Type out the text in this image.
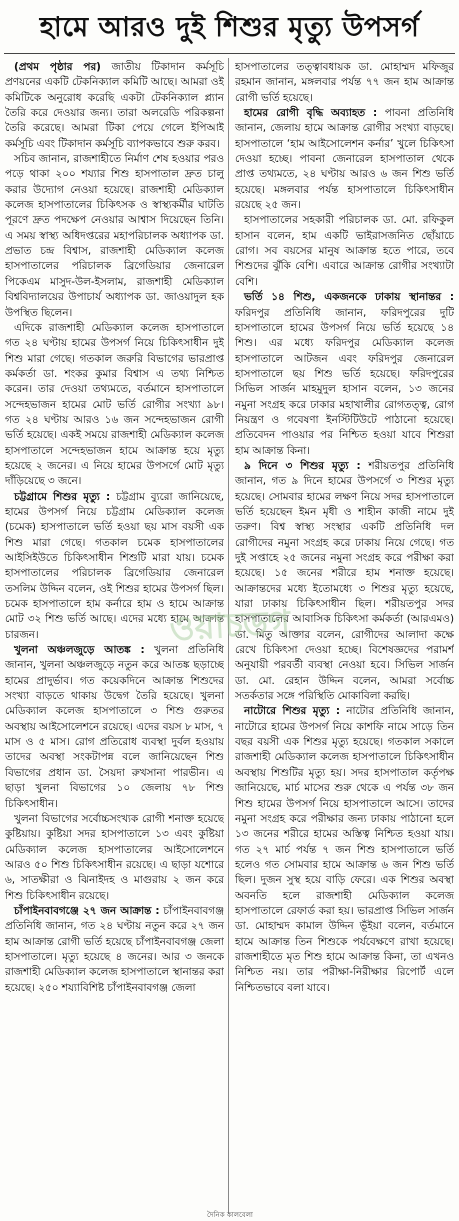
হামে আরও দুই শিশুর মৃত্যু উপসর্গ

(প্রথম পৃষ্ঠার পর) জাতীয় টিকাদান কর্মসূচি প্রণয়নের একটি টেকনিক্যাল কমিটি আছে। আমরা ওই কমিটিকে অনুরোধ করেছি একটা টেকনিক্যাল প্ল্যান তৈরি করে দেওয়ার জন্য। তারা অলরেডি পরিকল্পনা তৈরি করেছে। আমরা টিকা পেয়ে গেলে ইপিআই কর্মসূচি এবং টিকাদান কর্মসূচি ব্যাপকভাবে শুরু করব।

সচিব জানান, রাজশাহীতে নির্মাণ শেষ হওয়ার পরও পড়ে থাকা ২০০ শয্যার শিশু হাসপাতাল দ্রুত চালু করার উদ্যোগ নেওয়া হয়েছে। রাজশাহী মেডিক্যাল কলেজ হাসপাতালের চিকিৎসক ও স্বাস্থ্যকর্মীর ঘাটতি পূরণে দ্রুত পদক্ষেপ নেওয়ার আশ্বাস দিয়েছেন তিনি। এ সময় স্বাস্থ্য অধিদপ্তরের মহাপরিচালক অধ্যাপক ডা. প্রভাত চন্দ্র বিশ্বাস, রাজশাহী মেডিক্যাল কলেজ হাসপাতালের পরিচালক ব্রিগেডিয়ার জেনারেল পিকেএম মাসুদ-উল-ইসলাম, রাজশাহী মেডিক্যাল বিশ্ববিদ্যালয়ের উপাচার্য অধ্যাপক ডা. জাওয়াদুল হক উপস্থিত ছিলেন।

এদিকে রাজশাহী মেডিক্যাল কলেজ হাসপাতালে গত ২৪ ঘণ্টায় হামের উপসর্গ নিয়ে চিকিৎসাধীন দুই শিশু মারা গেছে। গতকাল জরুরি বিভাগের ভারপ্রাপ্ত কর্মকর্তা ডা. শংকর কুমার বিশ্বাস এ তথ্য নিশ্চিত করেন। তার দেওয়া তথ্যমতে, বর্তমানে হাসপাতালে সন্দেহভাজন হামের মোট ভর্তি রোগীর সংখ্যা ৯৮। গত ২৪ ঘণ্টায় আরও ১৬ জন সন্দেহভাজন রোগী ভর্তি হয়েছে। একই সময়ে রাজশাহী মেডিক্যাল কলেজ হাসপাতালে সন্দেহভাজন হামে আক্রান্ত হয়ে মৃত্যু হয়েছে ২ জনের। এ নিয়ে হামের উপসর্গে মোট মৃত্যু দাঁড়িয়েছে ৩ জনে।

চট্টগ্রামে শিশুর মৃত্যু : চট্টগ্রাম ব্যুরো জানিয়েছে, হামের উপসর্গ নিয়ে চট্টগ্রাম মেডিক্যাল কলেজ (চমেক) হাসপাতালে ভর্তি হওয়া ছয় মাস বয়সী এক শিশু মারা গেছে। গতকাল চমেক হাসপাতালের আইসিইউতে চিকিৎসাধীন শিশুটি মারা যায়। চমেক হাসপাতালের পরিচালক ব্রিগেডিয়ার জেনারেল তসলিম উদ্দিন বলেন, ওই শিশুর হামের উপসর্গ ছিল। চমেক হাসপাতালে হাম কর্নারে হাম ও হামে আক্রান্ত মোট ৩২ শিশু ভর্তি আছে। এদের মধ্যে হামে আক্রান্ত চারজন।

খুলনা অঞ্চলজুড়ে আতঙ্ক : খুলনা প্রতিনিধি জানান, খুলনা অঞ্চলজুড়ে নতুন করে আতঙ্ক ছড়াচ্ছে হামের প্রাদুর্ভাব। গত কয়েকদিনে আক্রান্ত শিশুদের সংখ্যা বাড়তে থাকায় উদ্বেগ তৈরি হয়েছে। খুলনা মেডিক্যাল কলেজ হাসপাতালে ৩ শিশু গুরুতর অবস্থায় আইসোলেশনে রয়েছে। এদের বয়স ৮ মাস, ৭ মাস ও ৫ মাস। রোগ প্রতিরোধ ব্যবস্থা দুর্বল হওয়ায় তাদের অবস্থা সংকটাপন্ন বলে জানিয়েছেন শিশু বিভাগের প্রধান ডা. সৈয়দা রুখসানা পারভীন। এ ছাড়া খুলনা বিভাগের ১০ জেলায় ৭৮ শিশু চিকিৎসাধীন।

খুলনা বিভাগের সর্বোচ্চসংখ্যক রোগী শনাক্ত হয়েছে কুষ্টিয়ায়। কুষ্টিয়া সদর হাসপাতালে ১৩ এবং কুষ্টিয়া মেডিক্যাল কলেজ হাসপাতালের আইসোলেশনে আরও ৫০ শিশু চিকিৎসাধীন রয়েছে। এ ছাড়া যশোরে ৬, সাতক্ষীরা ও ঝিনাইদহ ও মাগুরায় ২ জন করে শিশু চিকিৎসাধীন রয়েছে।

চাঁপাইনবাবগঞ্জে ২৭ জন আক্রান্ত : চাঁপাইনবাবগঞ্জ প্রতিনিধি জানান, গত ২৪ ঘণ্টায় নতুন করে ২৭ জন হাম আক্রান্ত রোগী ভর্তি হয়েছে চাঁপাইনবাবগঞ্জ জেলা হাসপাতালে। মৃত্যু হয়েছে ৪ জনের। আর ৩ জনকে রাজশাহী মেডিক্যাল কলেজ হাসপাতালে স্থানান্তর করা হয়েছে। ২৫০ শয্যাবিশিষ্ট চাঁপাইনবাবগঞ্জ জেলা

হাসপাতালের তত্ত্বাবধায়ক ডা. মোহাম্মদ মফিজুর রহমান জানান, মঙ্গলবার পর্যন্ত ৭৭ জন হাম আক্রান্ত রোগী ভর্তি হয়েছে।

হামের রোগী বৃদ্ধি অব্যাহত : পাবনা প্রতিনিধি জানান, জেলায় হামে আক্রান্ত রোগীর সংখ্যা বাড়ছে। হাসপাতালে ‘হাম আইসোলেশন কর্নার’ খুলে চিকিৎসা দেওয়া হচ্ছে। পাবনা জেনারেল হাসপাতাল থেকে প্রাপ্ত তথ্যমতে, ২৪ ঘণ্টায় আরও ৬ জন শিশু ভর্তি হয়েছে। মঙ্গলবার পর্যন্ত হাসপাতালে চিকিৎসাধীন রয়েছে ২৫ জন।

হাসপাতালের সহকারী পরিচালক ডা. মো. রফিকুল হাসান বলেন, হাম একটি ভাইরাসজনিত ছোঁয়াচে রোগ। সব বয়সের মানুষ আক্রান্ত হতে পারে, তবে শিশুদের ঝুঁকি বেশি। এবারে আক্রান্ত রোগীর সংখ্যাটা বেশি।

ভর্তি ১৪ শিশু, একজনকে ঢাকায় স্থানান্তর : ফরিদপুর প্রতিনিধি জানান, ফরিদপুরের দুটি হাসপাতালে হামের উপসর্গ নিয়ে ভর্তি হয়েছে ১৪ শিশু। এর মধ্যে ফরিদপুর মেডিক্যাল কলেজ হাসপাতালে আটজন এবং ফরিদপুর জেনারেল হাসপাতালে ছয় শিশু ভর্তি হয়েছে। ফরিদপুরের সিভিল সার্জন মাহমুদুল হাসান বলেন, ১৩ জনের নমুনা সংগ্রহ করে ঢাকার মহাখালীর রোগতত্ত্ব, রোগ নিয়ন্ত্রণ ও গবেষণা ইনস্টিটিউটে পাঠানো হয়েছে। প্রতিবেদন পাওয়ার পর নিশ্চিত হওয়া যাবে শিশুরা হাম আক্রান্ত কিনা।

৯ দিনে ৩ শিশুর মৃত্যু : শরীয়তপুর প্রতিনিধি জানান, গত ৯ দিনে হামের উপসর্গে ৩ শিশুর মৃত্যু হয়েছে। সোমবার হামের লক্ষণ নিয়ে সদর হাসপাতালে ভর্তি হয়েছেন ইমন মৃধী ও শাহীন কাজী নামে দুই তরুণ। বিশ্ব স্বাস্থ্য সংস্থার একটি প্রতিনিধি দল রোগীদের নমুনা সংগ্রহ করে ঢাকায় নিয়ে গেছে। গত দুই সপ্তাহে ২৫ জনের নমুনা সংগ্রহ করে পরীক্ষা করা হয়েছে। ১৫ জনের শরীরে হাম শনাক্ত হয়েছে। আক্রান্তদের মধ্যে ইতোমধ্যে ৩ শিশুর মৃত্যু হয়েছে, যারা ঢাকায় চিকিৎসাধীন ছিল। শরীয়তপুর সদর হাসপাতালের আবাসিক চিকিৎসা কর্মকর্তা (আরএমও) ডা. মিতু আক্তার বলেন, রোগীদের আলাদা কক্ষে রেখে চিকিৎসা দেওয়া হচ্ছে। বিশেষজ্ঞদের পরামর্শ অনুযায়ী পরবর্তী ব্যবস্থা নেওয়া হবে। সিভিল সার্জন ডা. মো. রেহান উদ্দিন বলেন, আমরা সর্বোচ্চ সতর্কতার সঙ্গে পরিস্থিতি মোকাবিলা করছি।

নাটোরে শিশুর মৃত্যু : নাটোর প্রতিনিধি জানান, নাটোরে হামের উপসর্গ নিয়ে কাশফি নামে সাড়ে তিন বছর বয়সী এক শিশুর মৃত্যু হয়েছে। গতকাল সকালে রাজশাহী মেডিক্যাল কলেজ হাসপাতালে চিকিৎসাধীন অবস্থায় শিশুটির মৃত্যু হয়। সদর হাসপাতাল কর্তৃপক্ষ জানিয়েছে, মার্চ মাসের শুরু থেকে এ পর্যন্ত ৩৮ জন শিশু হামের উপসর্গ নিয়ে হাসপাতালে আসে। তাদের নমুনা সংগ্রহ করে পরীক্ষার জন্য ঢাকায় পাঠানো হলে ১৩ জনের শরীরে হামের অস্তিত্ব নিশ্চিত হওয়া যায়। গত ২৭ মার্চ পর্যন্ত ৭ জন শিশু হাসপাতালে ভর্তি হলেও গত সোমবার হামে আক্রান্ত ৬ জন শিশু ভর্তি ছিল। দুজন সুস্থ হয়ে বাড়ি ফেরে। এক শিশুর অবস্থা অবনতি হলে রাজশাহী মেডিক্যাল কলেজ হাসপাতালে রেফার্ড করা হয়। ভারপ্রাপ্ত সিভিল সার্জন ডা. মোহাম্মদ কামাল উদ্দিন ভূঁইয়া বলেন, বর্তমানে হামে আক্রান্ত তিন শিশুকে পর্যবেক্ষণে রাখা হয়েছে। রাজশাহীতে মৃত শিশু হামে আক্রান্ত কিনা, তা এখনও নিশ্চিত নয়। তার পরীক্ষা-নিরীক্ষার রিপোর্ট এলে নিশ্চিতভাবে বলা যাবে।

ওয়াচডগ
দৈনিক কালবেলা
